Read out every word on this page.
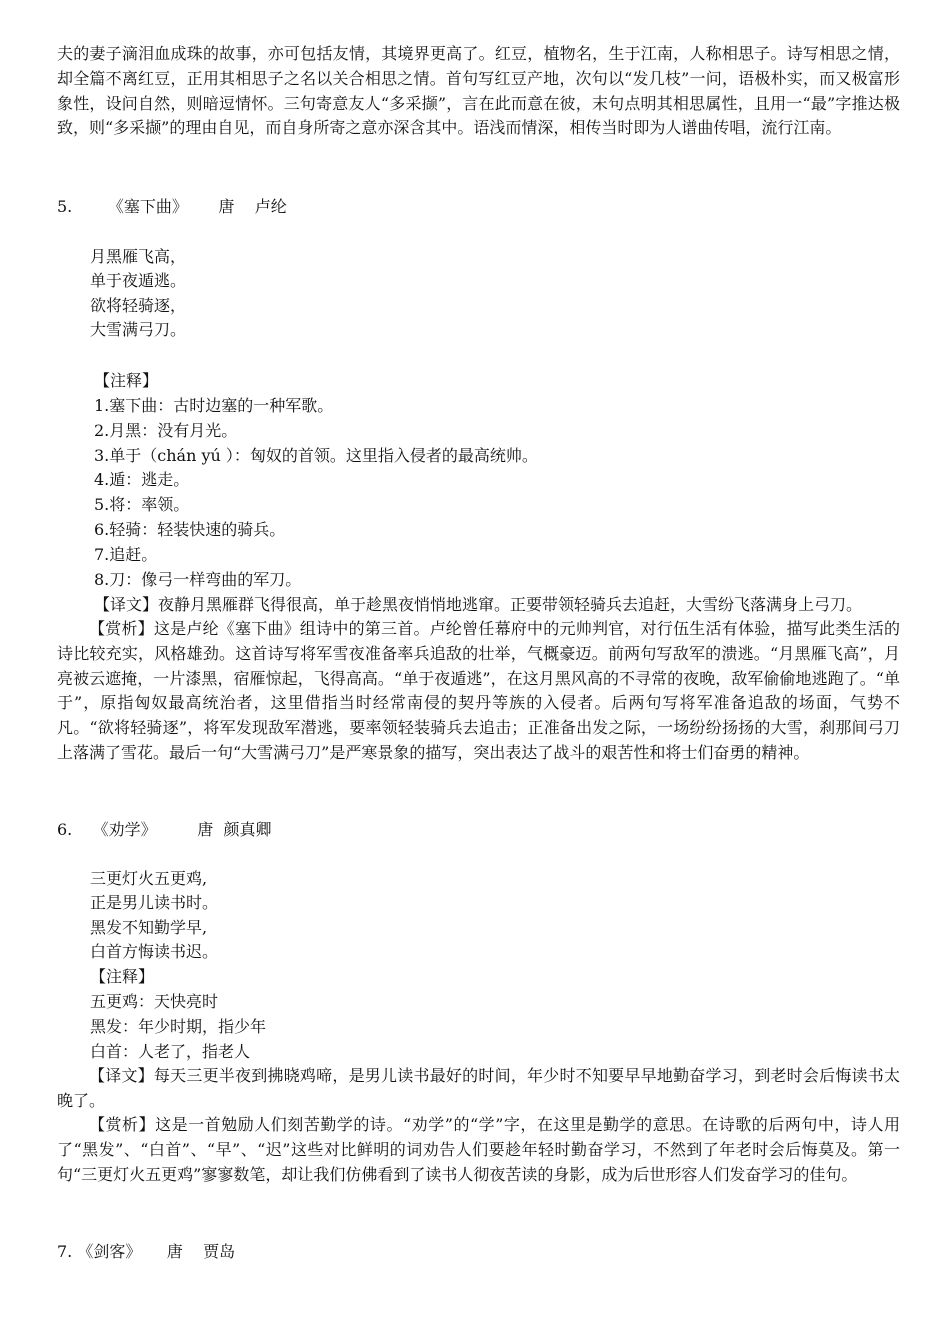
夫的妻子滴泪血成珠的故事，亦可包括友情，其境界更高了。红豆，植物名，生于江南，人称相思子。诗写相思之情，却全篇不离红豆，正用其相思子之名以关合相思之情。首句写红豆产地，次句以“发几枝”一问，语极朴实，而又极富形象性，设问自然，则暗逗情怀。三句寄意友人“多采撷”，言在此而意在彼，末句点明其相思属性，且用一“最”字推达极致，则“多采撷”的理由自见，而自身所寄之意亦深含其中。语浅而情深，相传当时即为人谱曲传唱，流行江南。

5.       《塞下曲》      唐    卢纶

月黑雁飞高，

单于夜遁逃。

欲将轻骑逐，

大雪满弓刀。

【注释】

1.塞下曲：古时边塞的一种军歌。

2.月黑：没有月光。

3.单于（chán yú ）：匈奴的首领。这里指入侵者的最高统帅。

4.遁：逃走。

5.将：率领。

6.轻骑：轻装快速的骑兵。

7.追赶。

8.刀：像弓一样弯曲的军刀。

【译文】夜静月黑雁群飞得很高，单于趁黑夜悄悄地逃窜。正要带领轻骑兵去追赶，大雪纷飞落满身上弓刀。

【赏析】这是卢纶《塞下曲》组诗中的第三首。卢纶曾任幕府中的元帅判官，对行伍生活有体验，描写此类生活的诗比较充实，风格雄劲。这首诗写将军雪夜准备率兵追敌的壮举，气概豪迈。前两句写敌军的溃逃。“月黑雁飞高”，月亮被云遮掩，一片漆黑，宿雁惊起，飞得高高。“单于夜遁逃”，在这月黑风高的不寻常的夜晚，敌军偷偷地逃跑了。“单于”，原指匈奴最高统治者，这里借指当时经常南侵的契丹等族的入侵者。后两句写将军准备追敌的场面，气势不凡。“欲将轻骑逐”，将军发现敌军潜逃，要率领轻装骑兵去追击；正准备出发之际，一场纷纷扬扬的大雪，刹那间弓刀上落满了雪花。最后一句“大雪满弓刀”是严寒景象的描写，突出表达了战斗的艰苦性和将士们奋勇的精神。

6.    《劝学》        唐  颜真卿

三更灯火五更鸡,

正是男儿读书时。

黑发不知勤学早,

白首方悔读书迟。

【注释】

五更鸡：天快亮时

黑发：年少时期，指少年

白首：人老了，指老人

【译文】每天三更半夜到拂晓鸡啼，是男儿读书最好的时间，年少时不知要早早地勤奋学习，到老时会后悔读书太晚了。

【赏析】这是一首勉励人们刻苦勤学的诗。“劝学”的“学”字，在这里是勤学的意思。在诗歌的后两句中，诗人用了“黑发”、“白首”、“早”、“迟”这些对比鲜明的词劝告人们要趁年轻时勤奋学习，不然到了年老时会后悔莫及。第一句“三更灯火五更鸡”寥寥数笔，却让我们仿佛看到了读书人彻夜苦读的身影，成为后世形容人们发奋学习的佳句。

7. 《剑客》     唐    贾岛
